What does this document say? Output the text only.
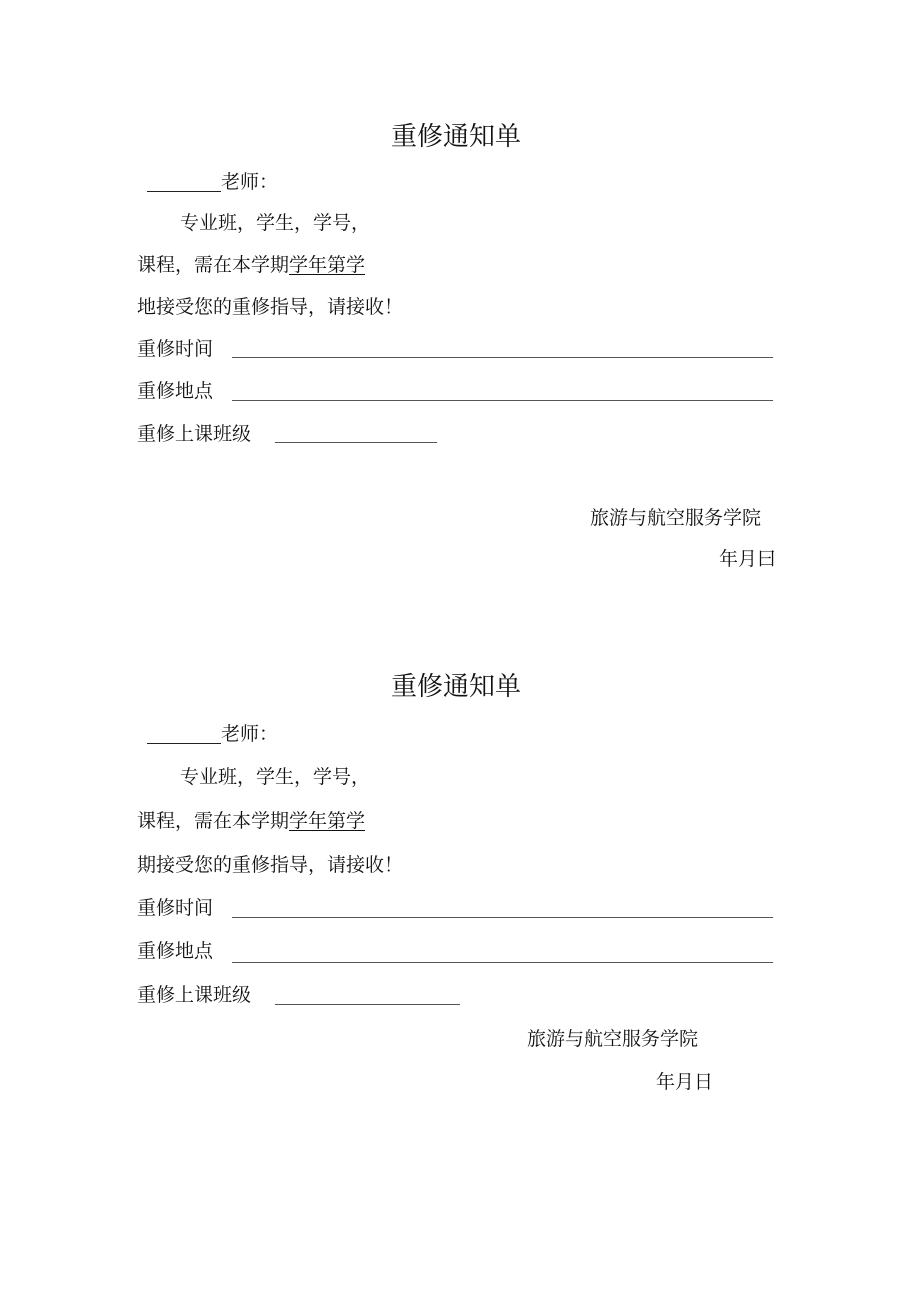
重修通知单
老师：
专业班，学生，学号，
课程，需在本学期学年第学
地接受您的重修指导，请接收！
重修时间
重修地点
重修上课班级
旅游与航空服务学院
年月曰
重修通知单
老师：
专业班，学生，学号，
课程，需在本学期学年第学
期接受您的重修指导，请接收！
重修时间
重修地点
重修上课班级
旅游与航空服务学院
年月日
